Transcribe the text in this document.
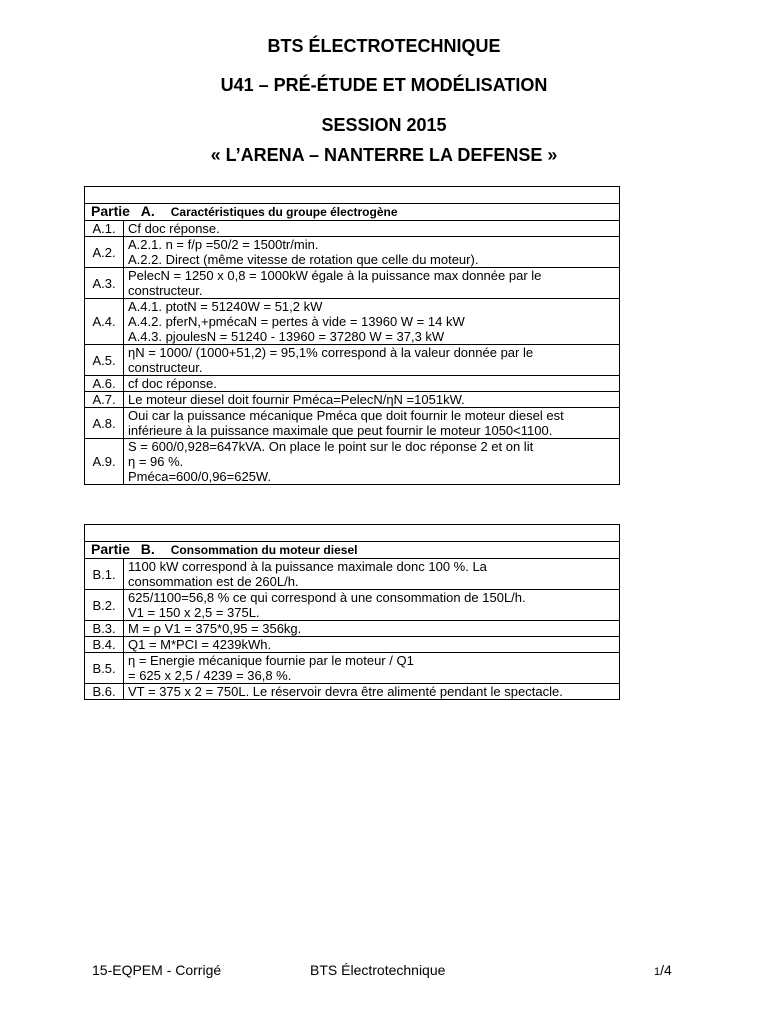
BTS ÉLECTROTECHNIQUE
U41 – PRÉ-ÉTUDE ET MODÉLISATION
SESSION 2015
« L’ARENA – NANTERRE LA DEFENSE »

Partie A. Caractéristiques du groupe électrogène	
A.1.	Cf doc réponse.

A.2.	A.2.1. n = f/p =50/2 = 1500tr/min.
A.2.2. Direct (même vitesse de rotation que celle du moteur).

A.3.	PelecN = 1250 x 0,8 = 1000kW égale à la puissance max donnée par le
constructeur.

A.4.	A.4.1. ptotN = 51240W = 51,2 kW
A.4.2. pferN,+pmécaN = pertes à vide = 13960 W = 14 kW
A.4.3. pjoulesN = 51240 - 13960 = 37280 W = 37,3 kW

A.5.	ηN = 1000/ (1000+51,2) = 95,1% correspond à la valeur donnée par le
constructeur.

A.6.	cf doc réponse.

A.7.	Le moteur diesel doit fournir Pméca=PelecN/ηN =1051kW.

A.8.	Oui car la puissance mécanique Pméca que doit fournir le moteur diesel est
inférieure à la puissance maximale que peut fournir le moteur 1050<1100.

A.9.	S = 600/0,928=647kVA. On place le point sur le doc réponse 2 et on lit
η = 96 %.
Pméca=600/0,96=625W.

Partie B. Consommation du moteur diesel	
B.1.	1100 kW correspond à la puissance maximale donc 100 %. La
consommation est de 260L/h.

B.2.	625/1100=56,8 % ce qui correspond à une consommation de 150L/h.
V1 = 150 x 2,5 = 375L.

B.3.	M = ρ V1 = 375*0,95 = 356kg.

B.4.	Q1 = M*PCI = 4239kWh.

B.5.	η = Energie mécanique fournie par le moteur / Q1
= 625 x 2,5 / 4239 = 36,8 %.

B.6.	VT = 375 x 2 = 750L. Le réservoir devra être alimenté pendant le spectacle.
15-EQPEM - Corrigé	BTS Électrotechnique	1/4
